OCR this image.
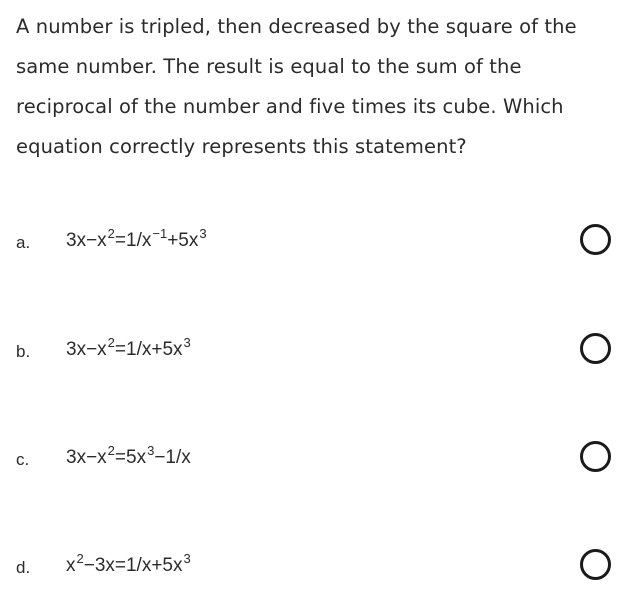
A number is tripled, then decreased by the square of the
same number. The result is equal to the sum of the
reciprocal of the number and five times its cube. Which
equation correctly represents this statement?
a. $3x-x^2=1/x^{-1}+5x^3$
b. $3x-x^2=1/x+5x^3$
c. $3x-x^2=5x^3-1/x$
d. $x^2-3x=1/x+5x^3$
